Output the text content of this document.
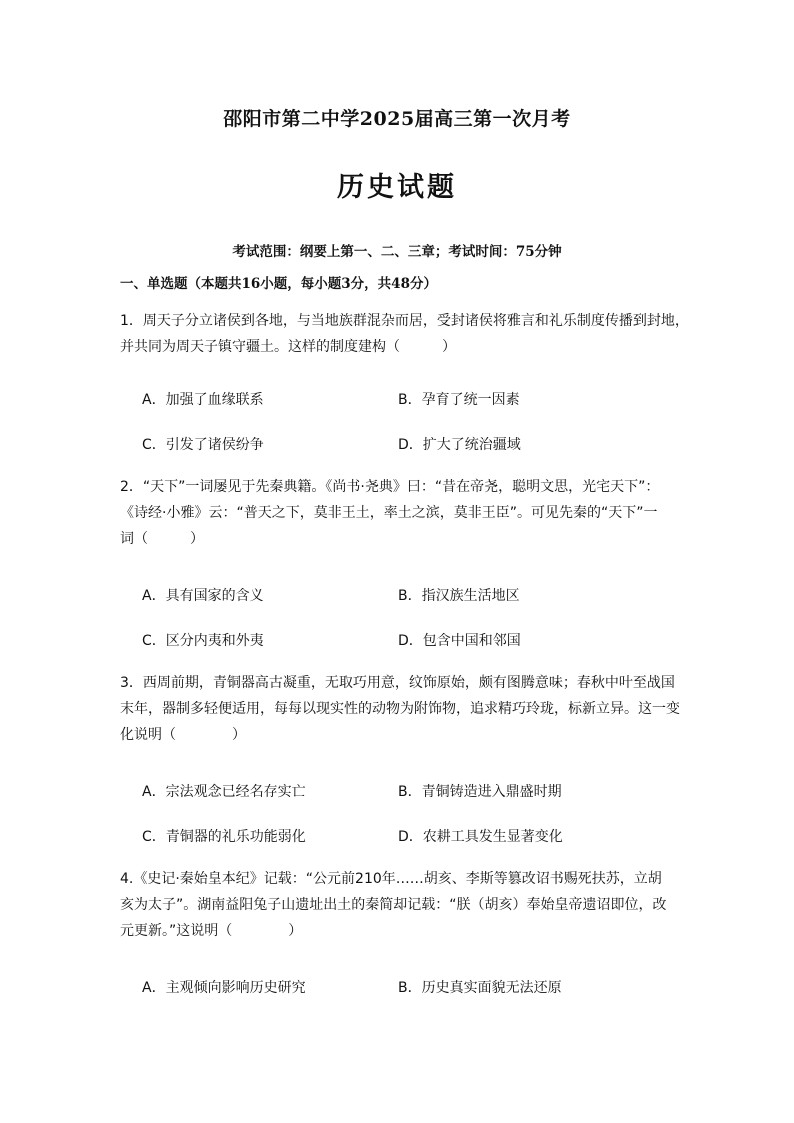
邵阳市第二中学2025届高三第一次月考
历史试题
考试范围：纲要上第一、二、三章；考试时间：75分钟
一、单选题（本题共16小题，每小题3分，共48分）
1．周天子分立诸侯到各地，与当地族群混杂而居，受封诸侯将雅言和礼乐制度传播到封地，
并共同为周天子镇守疆土。这样的制度建构（　　　）
A．加强了血缘联系	B．孕育了统一因素
C．引发了诸侯纷争	D．扩大了统治疆域
2．“天下”一词屡见于先秦典籍。《尚书·尧典》曰：“昔在帝尧，聪明文思，光宅天下”：
《诗经·小雅》云：“普天之下，莫非王土，率土之滨，莫非王臣”。可见先秦的“天下”一
词（　　　）
A．具有国家的含义	B．指汉族生活地区
C．区分内夷和外夷	D．包含中国和邻国
3．西周前期，青铜器高古凝重，无取巧用意，纹饰原始，颇有图腾意味；春秋中叶至战国
末年，器制多轻便适用，每每以现实性的动物为附饰物，追求精巧玲珑，标新立异。这一变
化说明（　　　　）
A．宗法观念已经名存实亡	B．青铜铸造进入鼎盛时期
C．青铜器的礼乐功能弱化	D．农耕工具发生显著变化
4.《史记·秦始皇本纪》记载：“公元前210年……胡亥、李斯等篡改诏书赐死扶苏，立胡
亥为太子”。湖南益阳兔子山遗址出土的秦简却记载：“朕（胡亥）奉始皇帝遗诏即位，改
元更新。”这说明（　　　　）
A．主观倾向影响历史研究	B．历史真实面貌无法还原
